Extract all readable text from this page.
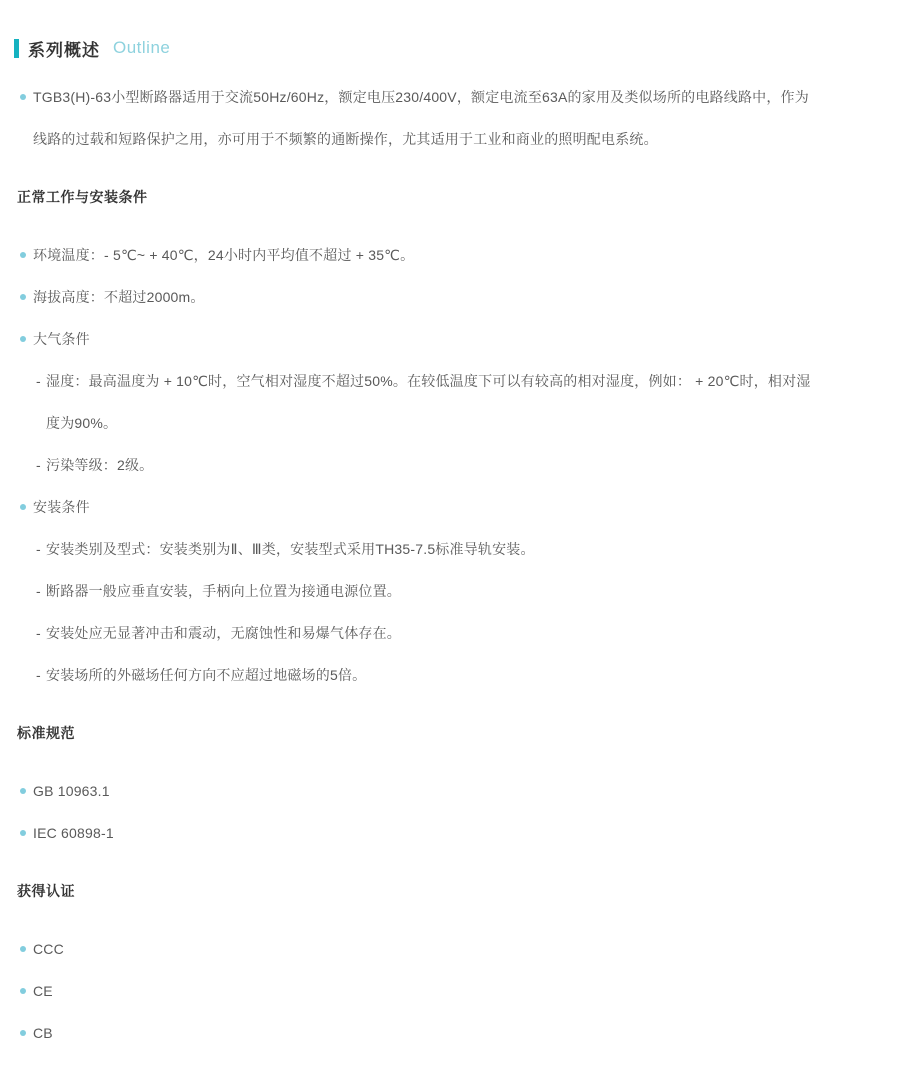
系列概述 Outline
TGB3(H)-63小型断路器适用于交流50Hz/60Hz，额定电压230/400V，额定电流至63A的家用及类似场所的电路线路中，作为线路的过载和短路保护之用，亦可用于不频繁的通断操作，尤其适用于工业和商业的照明配电系统。
正常工作与安装条件
环境温度：- 5℃~ + 40℃，24小时内平均值不超过 + 35℃。
海拔高度：不超过2000m。
大气条件
- 湿度：最高温度为 + 10℃时，空气相对湿度不超过50%。在较低温度下可以有较高的相对湿度，例如： + 20℃时，相对湿度为90%。
- 污染等级：2级。
安装条件
- 安装类别及型式：安装类别为Ⅱ、Ⅲ类，安装型式采用TH35-7.5标准导轨安装。
- 断路器一般应垂直安装，手柄向上位置为接通电源位置。
- 安装处应无显著冲击和震动，无腐蚀性和易爆气体存在。
- 安装场所的外磁场任何方向不应超过地磁场的5倍。
标准规范
GB 10963.1
IEC 60898-1
获得认证
CCC
CE
CB
